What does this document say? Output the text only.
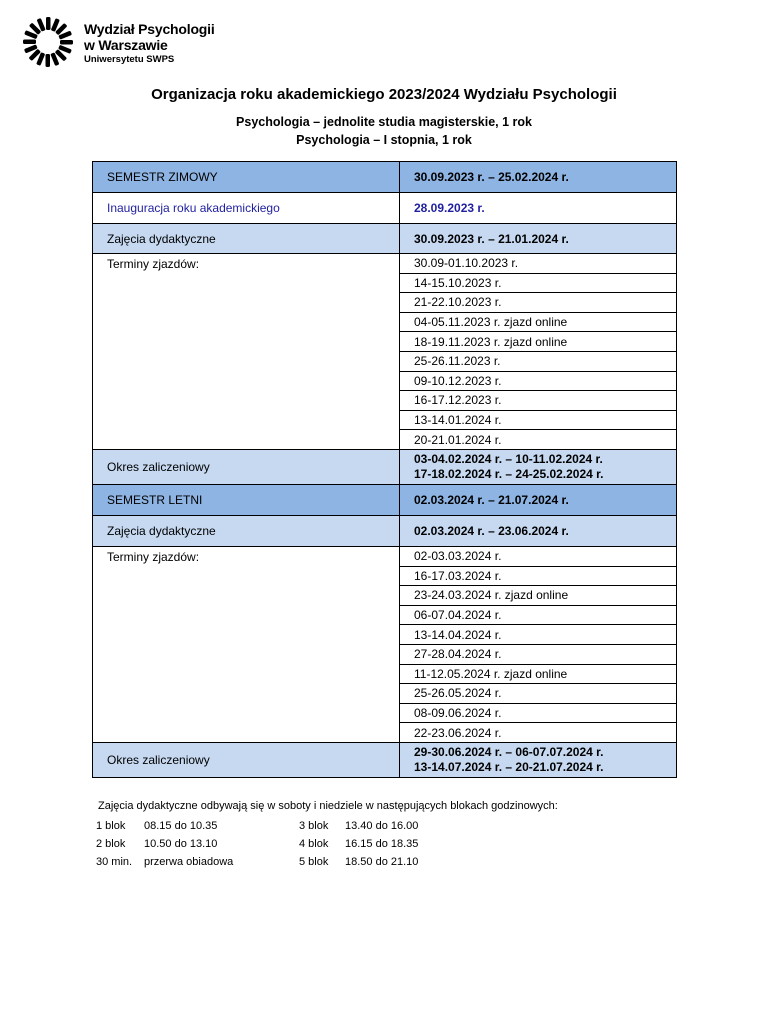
Wydział Psychologii
w Warszawie
Uniwersytetu SWPS
Organizacja roku akademickiego 2023/2024 Wydziału Psychologii
Psychologia – jednolite studia magisterskie, 1 rok
Psychologia – I stopnia, 1 rok
SEMESTR ZIMOWY	30.09.2023 r. – 25.02.2024 r.
Inauguracja roku akademickiego	28.09.2023 r.
Zajęcia dydaktyczne	30.09.2023 r. – 21.01.2024 r.
Terminy zjazdów:	30.09-01.10.2023 r.
	14-15.10.2023 r.
	21-22.10.2023 r.
	04-05.11.2023 r. zjazd online
	18-19.11.2023 r. zjazd online
	25-26.11.2023 r.
	09-10.12.2023 r.
	16-17.12.2023 r.
	13-14.01.2024 r.
	20-21.01.2024 r.
Okres zaliczeniowy	03-04.02.2024 r. – 10-11.02.2024 r.
17-18.02.2024 r. – 24-25.02.2024 r.

SEMESTR LETNI	02.03.2024 r. – 21.07.2024 r.
Zajęcia dydaktyczne	02.03.2024 r. – 23.06.2024 r.
Terminy zjazdów:	02-03.03.2024 r.
	16-17.03.2024 r.
	23-24.03.2024 r. zjazd online
	06-07.04.2024 r.
	13-14.04.2024 r.
	27-28.04.2024 r.
	11-12.05.2024 r. zjazd online
	25-26.05.2024 r.
	08-09.06.2024 r.
	22-23.06.2024 r.
Okres zaliczeniowy	29-30.06.2024 r. – 06-07.07.2024 r.
13-14.07.2024 r. – 20-21.07.2024 r.
Zajęcia dydaktyczne odbywają się w soboty i niedziele w następujących blokach godzinowych:
1 blok	08.15 do 10.35	3 blok	13.40 do 16.00
2 blok	10.50 do 13.10	4 blok	16.15 do 18.35
30 min.	przerwa obiadowa	5 blok	18.50 do 21.10
